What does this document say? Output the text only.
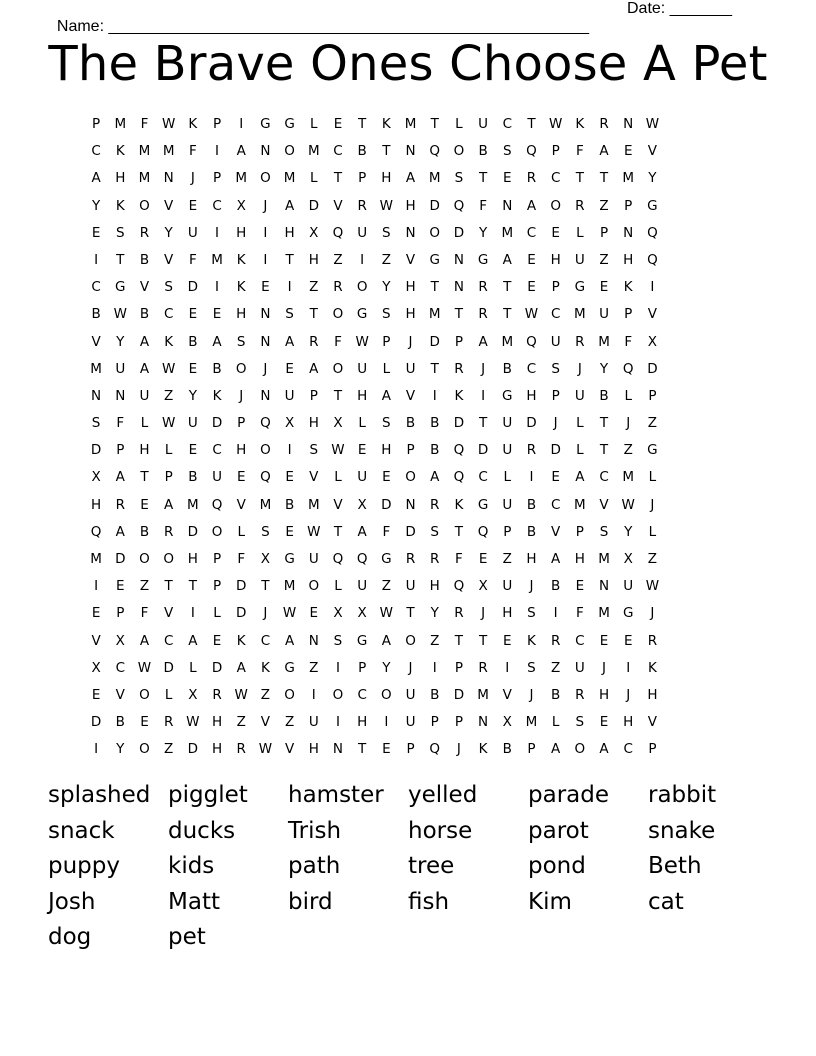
Name: ______________________________________________________

Date: _______

The Brave Ones Choose A Pet
P	M	F	W K	P	I	G	G	L	E	T	K	M	T	L	U	C	T W K	R	N W
C	K	M M	F	I	A	N	O M	C	B	T	N	Q	O	B	S	Q	P	F	A	E	V
A	H M N	J	P	M O M	L	T	P	H	A	M	S	T	E	R	C	T	T	M	Y
Y	K	O	V	E	C	X	J	A	D	V	R W H	D	Q	F	N	A	O	R	Z	P	G
E	S	R	Y	U	I	H	I	H	X	Q	U	S	N	O	D	Y	M	C	E	L	P	N	Q
I	T	B	V	F	M	K	I	T	H	Z	I	Z	V	G	N	G	A	E	H	U	Z	H	Q
C	G	V	S	D	I	K	E	I	Z	R	O	Y	H	T	N	R	T	E	P	G	E	K	I
B W B	C	E	E	H	N	S	T	O	G	S	H M	T	R	T W C	M U	P	V
V	Y	A	K	B	A	S	N	A	R	F	W P	J	D	P	A	M Q	U	R	M	F	X
M U	A W E	B	O	J	E	A	O	U	L	U	T	R	J	B	C	S	J	Y	Q	D
N	N	U	Z	Y	K	J	N	U	P	T	H	A	V	I	K	I	G	H	P	U	B	L	P
S	F	L	W U	D	P	Q	X	H	X	L	S	B	B	D	T	U	D	J	L	T	J	Z
D	P	H	L	E	C	H	O	I	S W E	H	P	B	Q	D	U	R	D	L	T	Z	G
X	A	T	P	B	U	E	Q	E	V	L	U	E	O	A	Q	C	L	I	E	A	C	M	L
H	R	E	A	M Q	V	M	B	M	V	X	D	N	R	K	G	U	B	C	M	V W	J
Q	A	B	R	D	O	L	S	E W T	A	F	D	S	T	Q	P	B	V	P	S	Y	L
M D	O	O	H	P	F	X	G	U	Q	Q	G	R	R	F	E	Z	H	A	H M	X	Z
I	E	Z	T	T	P	D	T	M O	L	U	Z	U	H	Q	X	U	J	B	E	N	U W
E	P	F	V	I	L	D	J	W E	X	X W T	Y	R	J	H	S	I	F	M G	J
V	X	A	C	A	E	K	C	A	N	S	G	A	O	Z	T	T	E	K	R	C	E	E	R
X	C W D	L	D	A	K	G	Z	I	P	Y	J	I	P	R	I	S	Z	U	J	I	K
E	V	O	L	X	R W Z	O	I	O	C	O	U	B	D M	V	J	B	R	H	J	H
D	B	E	R W H	Z	V	Z	U	I	H	I	U	P	P	N	X	M	L	S	E	H	V
I	Y	O	Z	D	H	R W V	H	N	T	E	P	Q	J	K	B	P	A	O	A	C	P
splashed pigglet	hamster	yelled	parade	rabbit
snack	ducks	Trish	horse	parot	snake
puppy	kids	path	tree	pond	Beth
Josh	Matt	bird	fish	Kim	cat
dog	pet
